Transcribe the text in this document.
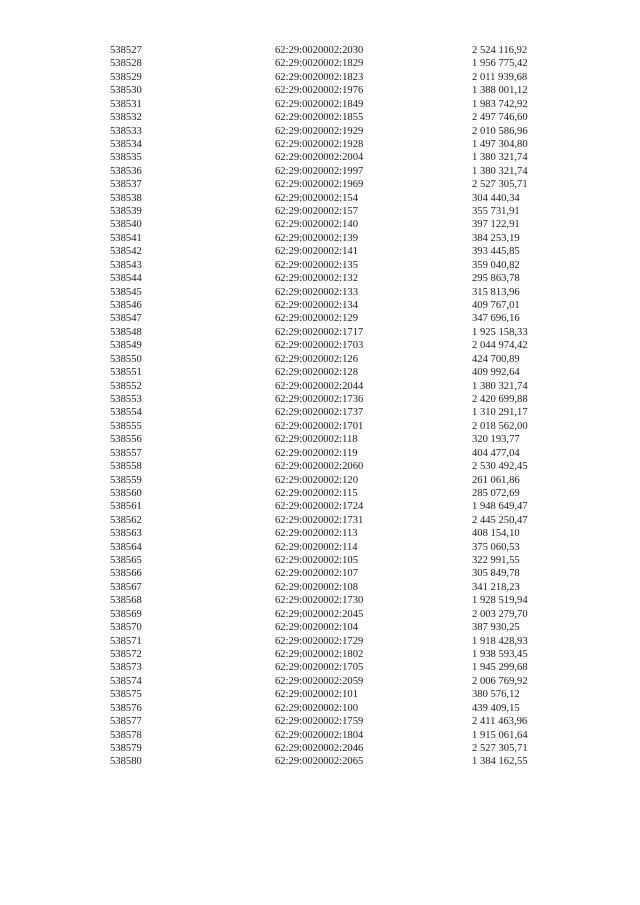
538527	62:29:0020002:2030	2 524 116,92
538528	62:29:0020002:1829	1 956 775,42
538529	62:29:0020002:1823	2 011 939,68
538530	62:29:0020002:1976	1 388 001,12
538531	62:29:0020002:1849	1 983 742,92
538532	62:29:0020002:1855	2 497 746,60
538533	62:29:0020002:1929	2 010 586,96
538534	62:29:0020002:1928	1 497 304,80
538535	62:29:0020002:2004	1 380 321,74
538536	62:29:0020002:1997	1 380 321,74
538537	62:29:0020002:1969	2 527 305,71
538538	62:29:0020002:154	304 440,34
538539	62:29:0020002:157	355 731,91
538540	62:29:0020002:140	397 122,91
538541	62:29:0020002:139	384 253,19
538542	62:29:0020002:141	393 445,85
538543	62:29:0020002:135	359 040,82
538544	62:29:0020002:132	295 863,78
538545	62:29:0020002:133	315 813,96
538546	62:29:0020002:134	409 767,01
538547	62:29:0020002:129	347 696,16
538548	62:29:0020002:1717	1 925 158,33
538549	62:29:0020002:1703	2 044 974,42
538550	62:29:0020002:126	424 700,89
538551	62:29:0020002:128	409 992,64
538552	62:29:0020002:2044	1 380 321,74
538553	62:29:0020002:1736	2 420 699,88
538554	62:29:0020002:1737	1 310 291,17
538555	62:29:0020002:1701	2 018 562,00
538556	62:29:0020002:118	320 193,77
538557	62:29:0020002:119	404 477,04
538558	62:29:0020002:2060	2 530 492,45
538559	62:29:0020002:120	261 061,86
538560	62:29:0020002:115	285 072,69
538561	62:29:0020002:1724	1 948 649,47
538562	62:29:0020002:1731	2 445 250,47
538563	62:29:0020002:113	408 154,10
538564	62:29:0020002:114	375 060,53
538565	62:29:0020002:105	322 991,55
538566	62:29:0020002:107	305 849,78
538567	62:29:0020002:108	341 218,23
538568	62:29:0020002:1730	1 928 519,94
538569	62:29:0020002:2045	2 003 279,70
538570	62:29:0020002:104	387 930,25
538571	62:29:0020002:1729	1 918 428,93
538572	62:29:0020002:1802	1 938 593,45
538573	62:29:0020002:1705	1 945 299,68
538574	62:29:0020002:2059	2 006 769,92
538575	62:29:0020002:101	380 576,12
538576	62:29:0020002:100	439 409,15
538577	62:29:0020002:1759	2 411 463,96
538578	62:29:0020002:1804	1 915 061,64
538579	62:29:0020002:2046	2 527 305,71
538580	62:29:0020002:2065	1 384 162,55
